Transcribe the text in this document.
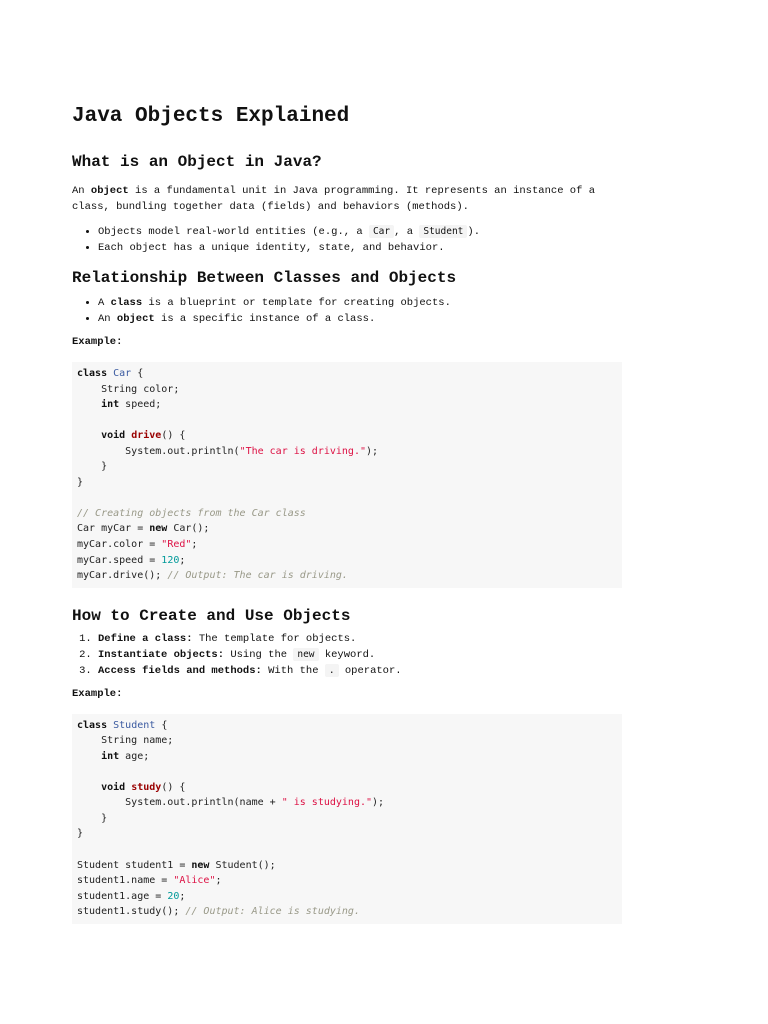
Java Objects Explained
What is an Object in Java?

An object is a fundamental unit in Java programming. It represents an instance of a class, bundling together data (fields) and behaviors (methods).

• Objects model real-world entities (e.g., a Car , a Student ).
• Each object has a unique identity, state, and behavior.
Relationship Between Classes and Objects
• A class is a blueprint or template for creating objects.
• An object is a specific instance of a class.
Example:
class Car {
String color;
int speed;

void drive() {
System.out.println("The car is driving.");
}
}

// Creating objects from the Car class
Car myCar = new Car();
myCar.color = "Red";
myCar.speed = 120;
myCar.drive(); // Output: The car is driving.
How to Create and Use Objects
1. Define a class: The template for objects.
2. Instantiate objects: Using the new keyword.
3. Access fields and methods: With the . operator.
Example:
class Student {
String name;
int age;

void study() {
System.out.println(name + " is studying.");
}
}

Student student1 = new Student();
student1.name = "Alice";
student1.age = 20;
student1.study(); // Output: Alice is studying.
